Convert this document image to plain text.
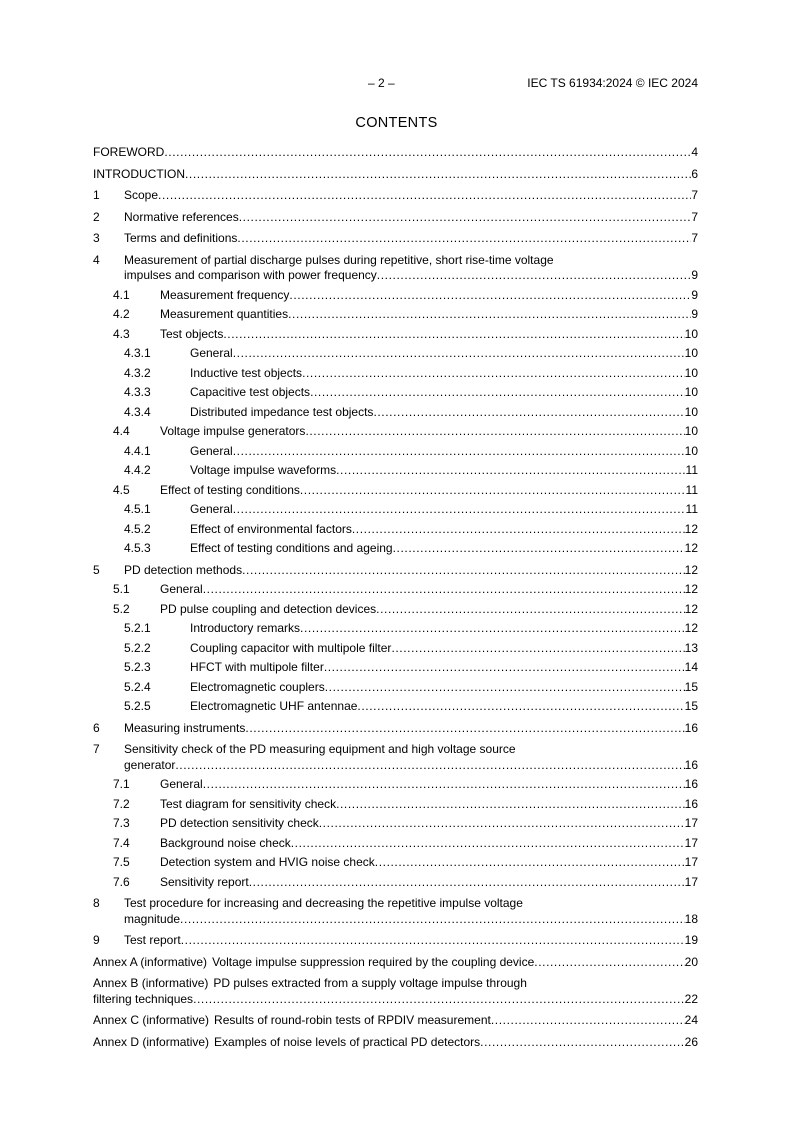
– 2 –	IEC TS 61934:2024 © IEC 2024
CONTENTS
FOREWORD .....	4
INTRODUCTION .....	6
1	Scope .....	7
2	Normative references .....	7
3	Terms and definitions .....	7
4	Measurement of partial discharge pulses during repetitive, short rise-time voltage
impulses and comparison with power frequency .....	9
4.1	Measurement frequency .....	9
4.2	Measurement quantities .....	9
4.3	Test objects .....	10
4.3.1	General .....	10
4.3.2	Inductive test objects .....	10
4.3.3	Capacitive test objects .....	10
4.3.4	Distributed impedance test objects .....	10
4.4	Voltage impulse generators .....	10
4.4.1	General .....	10
4.4.2	Voltage impulse waveforms .....	11
4.5	Effect of testing conditions .....	11
4.5.1	General .....	11
4.5.2	Effect of environmental factors .....	12
4.5.3	Effect of testing conditions and ageing .....	12
5	PD detection methods .....	12
5.1	General .....	12
5.2	PD pulse coupling and detection devices .....	12
5.2.1	Introductory remarks .....	12
5.2.2	Coupling capacitor with multipole filter .....	13
5.2.3	HFCT with multipole filter .....	14
5.2.4	Electromagnetic couplers .....	15
5.2.5	Electromagnetic UHF antennae .....	15
6	Measuring instruments .....	16
7	Sensitivity check of the PD measuring equipment and high voltage source
generator .....	16
7.1	General .....	16
7.2	Test diagram for sensitivity check .....	16
7.3	PD detection sensitivity check .....	17
7.4	Background noise check .....	17
7.5	Detection system and HVIG noise check .....	17
7.6	Sensitivity report .....	17
8	Test procedure for increasing and decreasing the repetitive impulse voltage
magnitude .....	18
9	Test report .....	19
Annex A (informative) Voltage impulse suppression required by the coupling device .....	20
Annex B (informative) PD pulses extracted from a supply voltage impulse through
filtering techniques .....	22
Annex C (informative) Results of round-robin tests of RPDIV measurement .....	24
Annex D (informative) Examples of noise levels of practical PD detectors .....	26
